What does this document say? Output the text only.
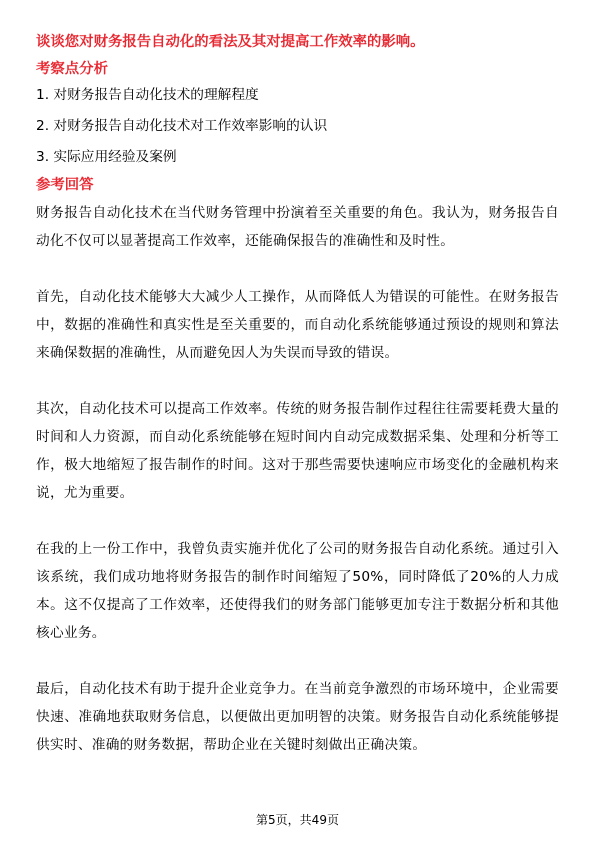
谈谈您对财务报告自动化的看法及其对提高工作效率的影响。

考察点分析

1. 对财务报告自动化技术的理解程度
2. 对财务报告自动化技术对工作效率影响的认识
3. 实际应用经验及案例

参考回答

财务报告自动化技术在当代财务管理中扮演着至关重要的角色。我认为，财务报告自动化不仅可以显著提高工作效率，还能确保报告的准确性和及时性。

首先，自动化技术能够大大减少人工操作，从而降低人为错误的可能性。在财务报告中，数据的准确性和真实性是至关重要的，而自动化系统能够通过预设的规则和算法来确保数据的准确性，从而避免因人为失误而导致的错误。

其次，自动化技术可以提高工作效率。传统的财务报告制作过程往往需要耗费大量的时间和人力资源，而自动化系统能够在短时间内自动完成数据采集、处理和分析等工作，极大地缩短了报告制作的时间。这对于那些需要快速响应市场变化的金融机构来说，尤为重要。

在我的上一份工作中，我曾负责实施并优化了公司的财务报告自动化系统。通过引入该系统，我们成功地将财务报告的制作时间缩短了50%，同时降低了20%的人力成本。这不仅提高了工作效率，还使得我们的财务部门能够更加专注于数据分析和其他核心业务。

最后，自动化技术有助于提升企业竞争力。在当前竞争激烈的市场环境中，企业需要快速、准确地获取财务信息，以便做出更加明智的决策。财务报告自动化系统能够提供实时、准确的财务数据，帮助企业在关键时刻做出正确决策。

第5页，共49页
